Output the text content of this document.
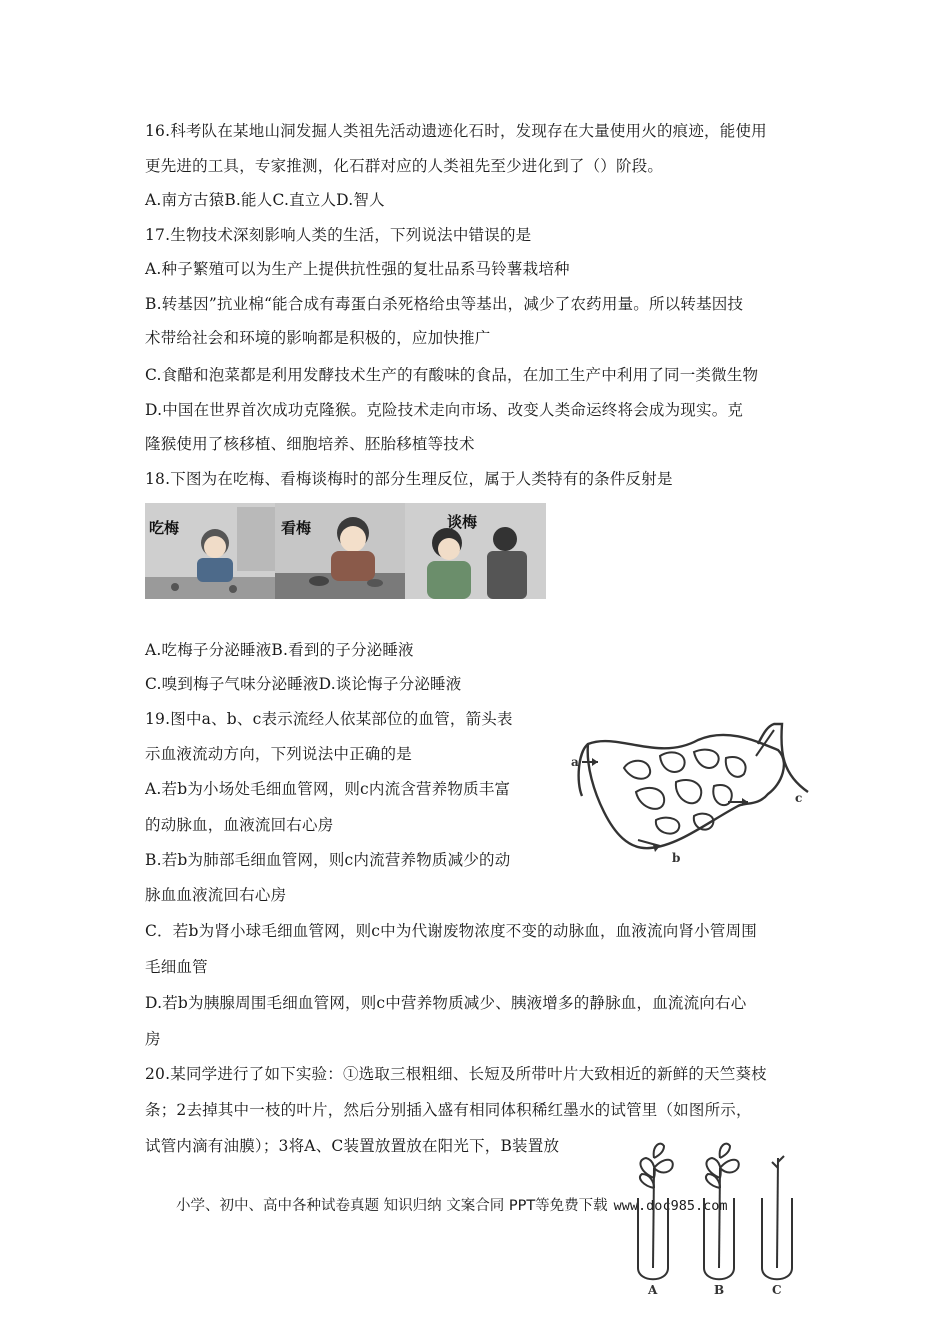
16.科考队在某地山洞发掘人类祖先活动遗迹化石时，发现存在大量使用火的痕迹，能使用
更先进的工具，专家推测，化石群对应的人类祖先至少进化到了（）阶段。
A.南方古猿B.能人C.直立人D.智人
17.生物技术深刻影响人类的生活，下列说法中错误的是
A.种子繁殖可以为生产上提供抗性强的复壮品系马铃薯栽培种
B.转基因”抗业棉“能合成有毒蛋白杀死格给虫等基出，减少了农药用量。所以转基因技
术带给社会和环境的影响都是积极的，应加快推广
C.食醋和泡菜都是利用发酵技术生产的有酸味的食品，在加工生产中利用了同一类微生物
D.中国在世界首次成功克隆猴。克险技术走向市场、改变人类命运终将会成为现实。克
隆猴使用了核移植、细胞培养、胚胎移植等技术
18.下图为在吃梅、看梅谈梅时的部分生理反位，属于人类特有的条件反射是
吃梅	看梅	谈梅
A.吃梅子分泌睡液B.看到的子分泌睡液
C.嗅到梅子气味分泌睡液D.谈论悔子分泌睡液
19.图中a、b、c表示流经人依某部位的血管，箭头表
示血液流动方向，下列说法中正确的是
A.若b为小场处毛细血管网，则c内流含营养物质丰富
的动脉血，血液流回右心房
B.若b为肺部毛细血管网，则c内流营养物质减少的动
脉血血液流回右心房
a
b
c
C．若b为肾小球毛细血管网，则c中为代谢废物浓度不变的动脉血，血液流向肾小管周围
毛细血管
D.若b为胰腺周围毛细血管网，则c中营养物质减少、胰液增多的静脉血，血流流向右心
房
20.某同学进行了如下实验：①选取三根粗细、长短及所带叶片大致相近的新鲜的天竺葵枝
条；2去掉其中一枝的叶片，然后分别插入盛有相同体积稀红墨水的试管里（如图所示，
试管内滴有油膜）；3将A、C装置放置放在阳光下，B装置放
小学、初中、高中各种试卷真题 知识归纳 文案合同 PPT等免费下载 www.doc985.com
A	B	C
